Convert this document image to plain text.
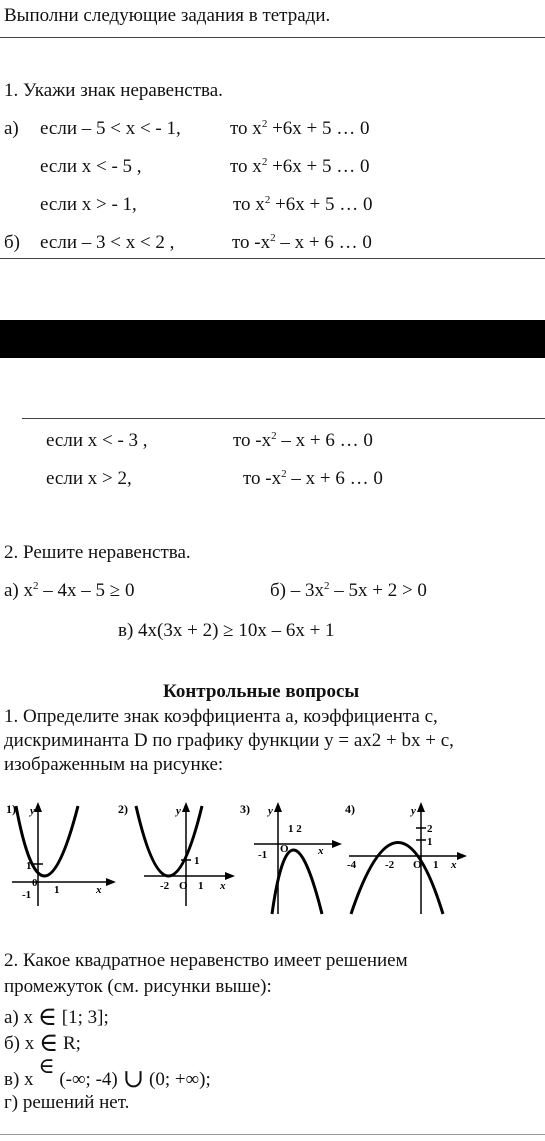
Выполни следующие задания в тетради.
1. Укажи знак неравенства.
а) если – 5 < x < - 1,	то $x^2 +6x + 5$ … 0
если x < - 5 ,	то $x^2 +6x + 5$ … 0
если x > - 1,	то $x^2 +6x + 5$ … 0
б) если – 3 < x < 2 ,	то $-x^2 - x + 6$ … 0
если x < - 3 ,	то $-x^2 - x + 6$ … 0
если x > 2,	то $-x^2 - x + 6$ … 0
2. Решите неравенства.
а) $x^2 - 4x - 5 \ge 0$	$б) - 3x^2 - 5x + 2 > 0$
в) 4x(3x + 2) ≥ 10x – 6x + 1
Контрольные вопросы
1. Определите знак коэффициента а, коэффициента с,
дискриминанта D по графику функции y = ax2 + bx + c,
изображенным на рисунке:
1) y
x
1
-1
0
1
2)	y
x
1
-2 O 1
3) y
x
1 2
-1 O
4)	y
x
2
1
-4	-2 O 1
2. Какое квадратное неравенство имеет решением
промежуток (см. рисунки выше):
а) x ∈ [1; 3];
б) x ∈ R;
в) x ∈ (-∞; -4) ∪ (0; +∞);
г) решений нет.
